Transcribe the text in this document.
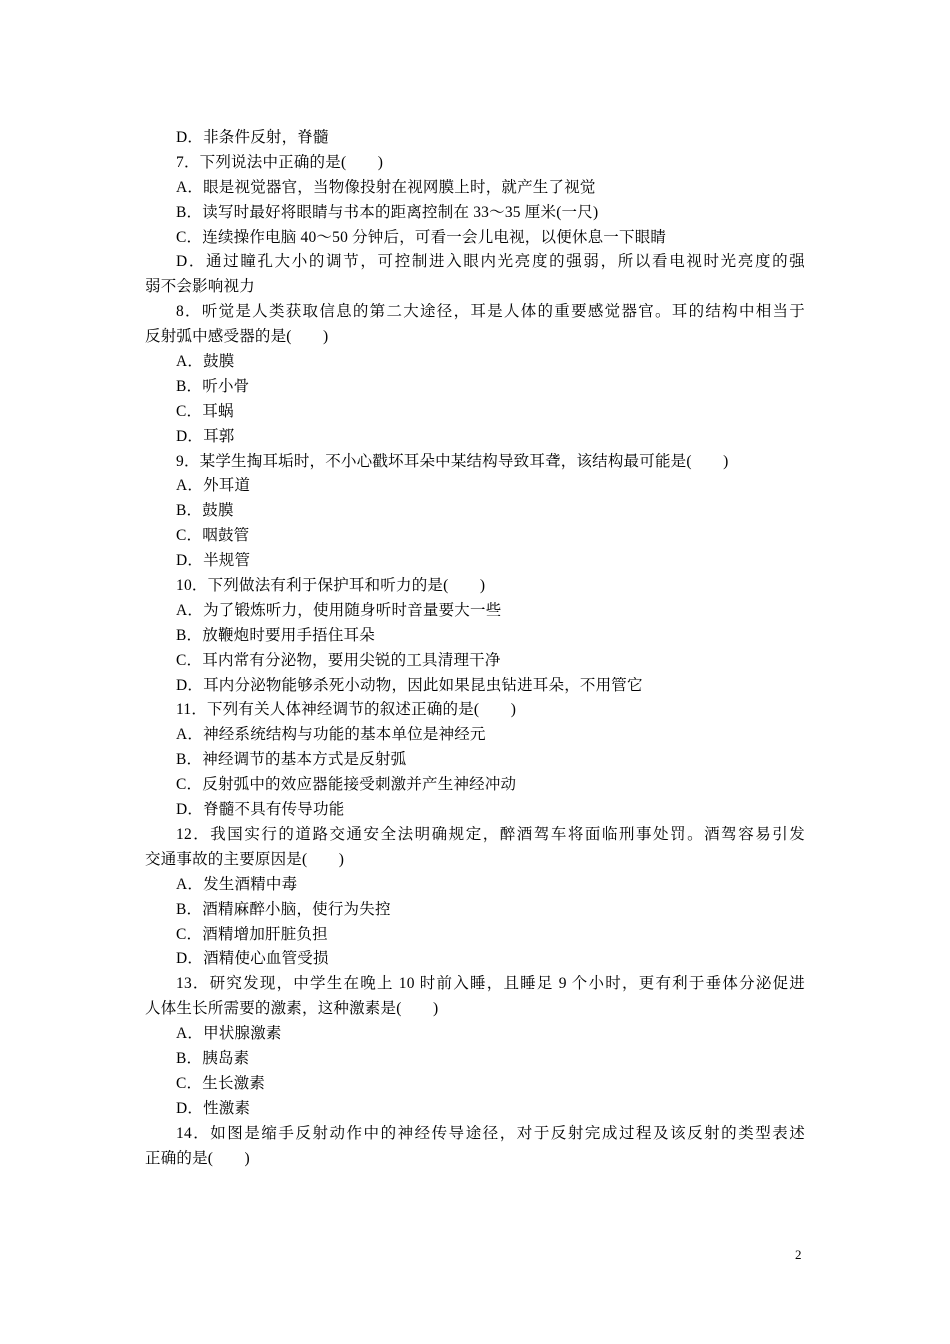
D．非条件反射，脊髓
7．下列说法中正确的是(　　)
A．眼是视觉器官，当物像投射在视网膜上时，就产生了视觉
B．读写时最好将眼睛与书本的距离控制在 33～35 厘米(一尺)
C．连续操作电脑 40～50 分钟后，可看一会儿电视，以便休息一下眼睛
D．通过瞳孔大小的调节，可控制进入眼内光亮度的强弱，所以看电视时光亮度的强
弱不会影响视力
8．听觉是人类获取信息的第二大途径，耳是人体的重要感觉器官。耳的结构中相当于
反射弧中感受器的是(　　)
A．鼓膜
B．听小骨
C．耳蜗
D．耳郭
9．某学生掏耳垢时，不小心戳坏耳朵中某结构导致耳聋，该结构最可能是(　　)
A．外耳道
B．鼓膜
C．咽鼓管
D．半规管
10．下列做法有利于保护耳和听力的是(　　)
A．为了锻炼听力，使用随身听时音量要大一些
B．放鞭炮时要用手捂住耳朵
C．耳内常有分泌物，要用尖锐的工具清理干净
D．耳内分泌物能够杀死小动物，因此如果昆虫钻进耳朵，不用管它
11．下列有关人体神经调节的叙述正确的是(　　)
A．神经系统结构与功能的基本单位是神经元
B．神经调节的基本方式是反射弧
C．反射弧中的效应器能接受刺激并产生神经冲动
D．脊髓不具有传导功能
12．我国实行的道路交通安全法明确规定，醉酒驾车将面临刑事处罚。酒驾容易引发
交通事故的主要原因是(　　)
A．发生酒精中毒
B．酒精麻醉小脑，使行为失控
C．酒精增加肝脏负担
D．酒精使心血管受损
13．研究发现，中学生在晚上 10 时前入睡，且睡足 9 个小时，更有利于垂体分泌促进
人体生长所需要的激素，这种激素是(　　)
A．甲状腺激素
B．胰岛素
C．生长激素
D．性激素
14．如图是缩手反射动作中的神经传导途径，对于反射完成过程及该反射的类型表述
正确的是(　　)
2
